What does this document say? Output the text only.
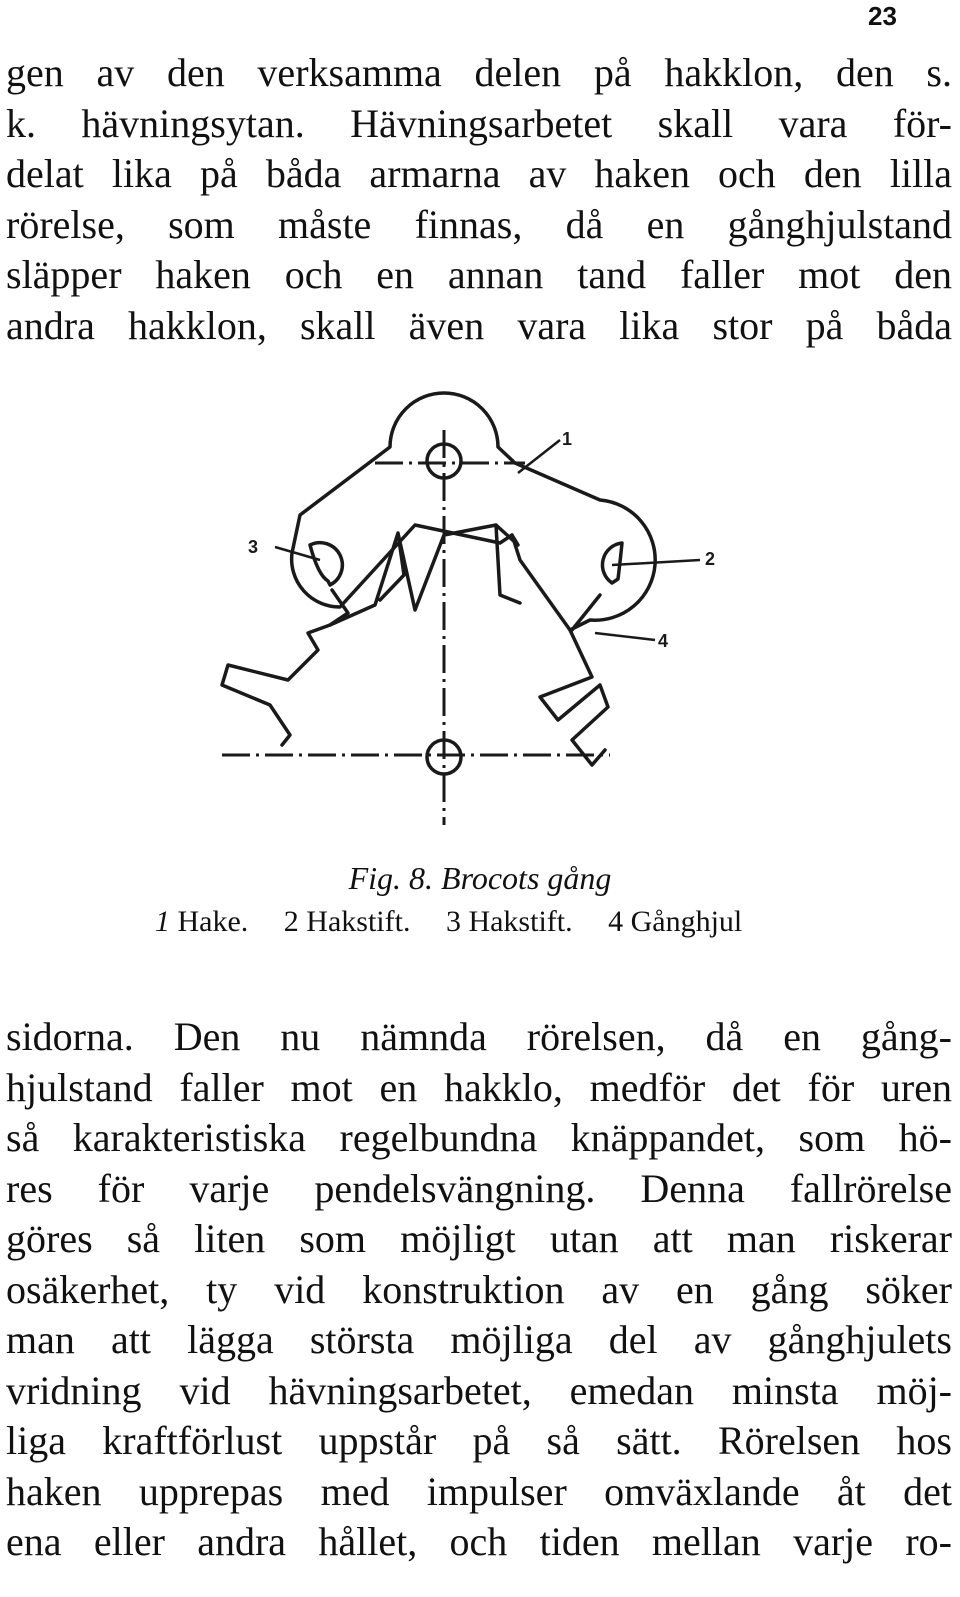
23
gen av den verksamma delen på hakklon, den s.
k. hävningsytan. Hävningsarbetet skall vara för-
delat lika på båda armarna av haken och den lilla
rörelse, som måste finnas, då en gånghjulstand
släpper haken och en annan tand faller mot den
andra hakklon, skall även vara lika stor på båda
1
2
3
4
Fig. 8. Brocots gång
1 Hake. 2 Hakstift. 3 Hakstift. 4 Gånghjul
sidorna. Den nu nämnda rörelsen, då en gång-
hjulstand faller mot en hakklo, medför det för uren
så karakteristiska regelbundna knäppandet, som hö-
res för varje pendelsvängning. Denna fallrörelse
göres så liten som möjligt utan att man riskerar
osäkerhet, ty vid konstruktion av en gång söker
man att lägga största möjliga del av gånghjulets
vridning vid hävningsarbetet, emedan minsta möj-
liga kraftförlust uppstår på så sätt. Rörelsen hos
haken upprepas med impulser omväxlande åt det
ena eller andra hållet, och tiden mellan varje ro-
